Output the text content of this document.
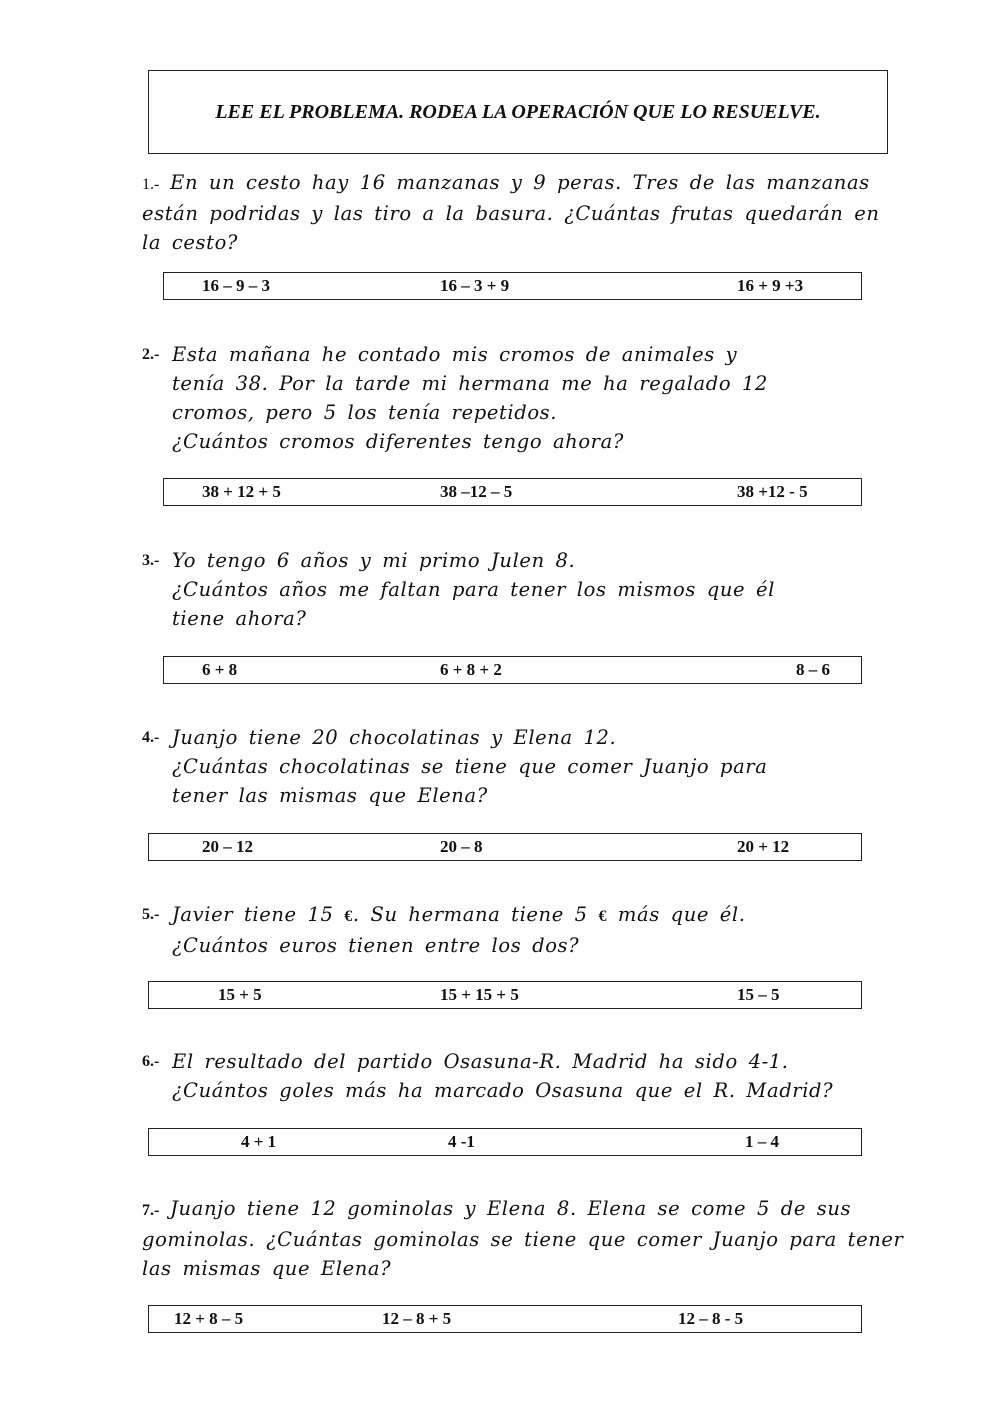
LEE EL PROBLEMA. RODEA LA OPERACIÓN QUE LO RESUELVE.
1.- En un cesto hay 16 manzanas y 9 peras. Tres de las manzanas están podridas y las tiro a la basura. ¿Cuántas frutas quedarán en la cesto?
16 – 9 – 3	16 – 3 + 9	16 + 9 +3
2.- Esta mañana he contado mis cromos de animales y
tenía 38. Por la tarde mi hermana me ha regalado 12
cromos, pero 5 los tenía repetidos.
¿Cuántos cromos diferentes tengo ahora?
38 + 12 + 5	38 –12 – 5	38 +12 - 5
3.- Yo tengo 6 años y mi primo Julen 8.
¿Cuántos años me faltan para tener los mismos que él
tiene ahora?
6 + 8	6 + 8 + 2	8 – 6
4.- Juanjo tiene 20 chocolatinas y Elena 12.
¿Cuántas chocolatinas se tiene que comer Juanjo para
tener las mismas que Elena?
20 – 12	20 – 8	20 + 12
5.- Javier tiene 15 €. Su hermana tiene 5 € más que él.
¿Cuántos euros tienen entre los dos?
15 + 5	15 + 15 + 5	15 – 5
6.- El resultado del partido Osasuna-R. Madrid ha sido 4-1.
¿Cuántos goles más ha marcado Osasuna que el R. Madrid?
4 + 1	4 -1	1 – 4
7.- Juanjo tiene 12 gominolas y Elena 8. Elena se come 5 de sus gominolas. ¿Cuántas gominolas se tiene que comer Juanjo para tener las mismas que Elena?
12 + 8 – 5	12 – 8 + 5	12 – 8 - 5
